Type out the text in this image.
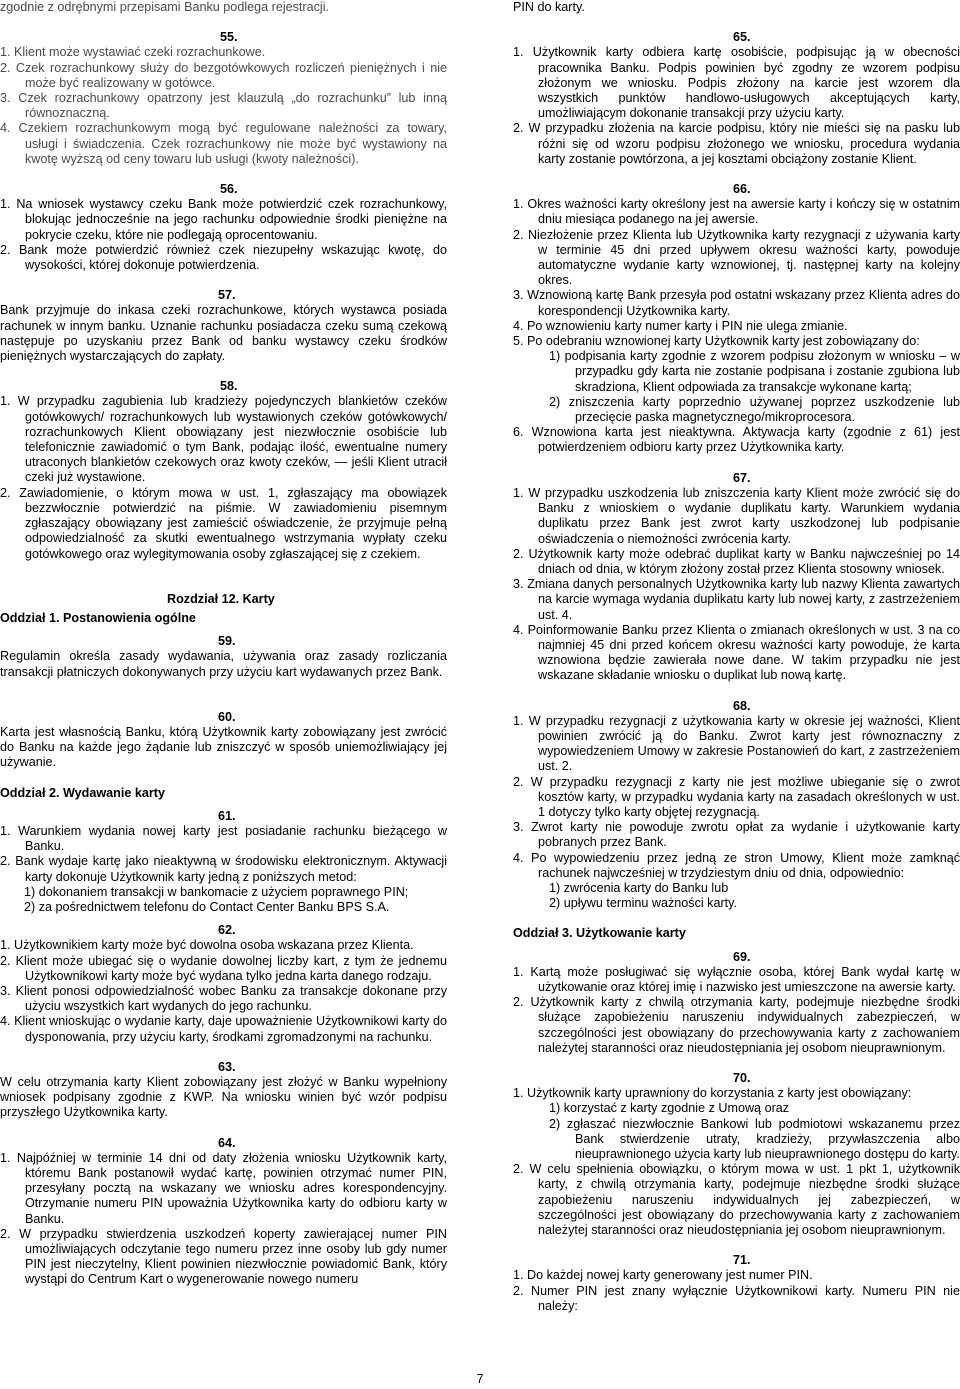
zgodnie z odrębnymi przepisami Banku podlega rejestracji.

55.

1. Klient może wystawiać czeki rozrachunkowe.

2. Czek rozrachunkowy służy do bezgotówkowych rozliczeń pieniężnych i nie może być realizowany w gotówce.

3. Czek rozrachunkowy opatrzony jest klauzulą „do rozrachunku” lub inną równoznaczną.

4. Czekiem rozrachunkowym mogą być regulowane należności za towary, usługi i świadczenia. Czek rozrachunkowy nie może być wystawiony na kwotę wyższą od ceny towaru lub usługi (kwoty należności).

56.

1. Na wniosek wystawcy czeku Bank może potwierdzić czek rozrachunkowy, blokując jednocześnie na jego rachunku odpowiednie środki pieniężne na pokrycie czeku, które nie podlegają oprocentowaniu.

2. Bank może potwierdzić również czek niezupełny wskazując kwotę, do wysokości, której dokonuje potwierdzenia.

57.

Bank przyjmuje do inkasa czeki rozrachunkowe, których wystawca posiada rachunek w innym banku. Uznanie rachunku posiadacza czeku sumą czekową następuje po uzyskaniu przez Bank od banku wystawcy czeku środków pieniężnych wystarczających do zapłaty.

58.

1. W przypadku zagubienia lub kradzieży pojedynczych blankietów czeków gotówkowych/ rozrachunkowych lub wystawionych czeków gotówkowych/ rozrachunkowych Klient obowiązany jest niezwłocznie osobiście lub telefonicznie zawiadomić o tym Bank, podając ilość, ewentualne numery utraconych blankietów czekowych oraz kwoty czeków, — jeśli Klient utracił czeki już wystawione.

2. Zawiadomienie, o którym mowa w ust. 1, zgłaszający ma obowiązek bezzwłocznie potwierdzić na piśmie. W zawiadomieniu pisemnym zgłaszający obowiązany jest zamieścić oświadczenie, że przyjmuje pełną odpowiedzialność za skutki ewentualnego wstrzymania wypłaty czeku gotówkowego oraz wylegitymowania osoby zgłaszającej się z czekiem.

Rozdział 12. Karty

Oddział 1. Postanowienia ogólne

59.

Regulamin określa zasady wydawania, używania oraz zasady rozliczania transakcji płatniczych dokonywanych przy użyciu kart wydawanych przez Bank.

60.

Karta jest własnością Banku, którą Użytkownik karty zobowiązany jest zwrócić do Banku na każde jego żądanie lub zniszczyć w sposób uniemożliwiający jej używanie.

Oddział 2. Wydawanie karty

61.

1. Warunkiem wydania nowej karty jest posiadanie rachunku bieżącego w Banku.

2. Bank wydaje kartę jako nieaktywną w środowisku elektronicznym. Aktywacji karty dokonuje Użytkownik karty jedną z poniższych metod:

1) dokonaniem transakcji w bankomacie z użyciem poprawnego PIN;

2) za pośrednictwem telefonu do Contact Center Banku BPS S.A.

62.

1. Użytkownikiem karty może być dowolna osoba wskazana przez Klienta.

2. Klient może ubiegać się o wydanie dowolnej liczby kart, z tym że jednemu Użytkownikowi karty może być wydana tylko jedna karta danego rodzaju.

3. Klient ponosi odpowiedzialność wobec Banku za transakcje dokonane przy użyciu wszystkich kart wydanych do jego rachunku.

4. Klient wnioskując o wydanie karty, daje upoważnienie Użytkownikowi karty do dysponowania, przy użyciu karty, środkami zgromadzonymi na rachunku.

63.

W celu otrzymania karty Klient zobowiązany jest złożyć w Banku wypełniony wniosek podpisany zgodnie z KWP. Na wniosku winien być wzór podpisu przyszłego Użytkownika karty.

64.

1. Najpóźniej w terminie 14 dni od daty złożenia wniosku Użytkownik karty, któremu Bank postanowił wydać kartę, powinien otrzymać numer PIN, przesyłany pocztą na wskazany we wniosku adres korespondencyjny. Otrzymanie numeru PIN upoważnia Użytkownika karty do odbioru karty w Banku.

2. W przypadku stwierdzenia uszkodzeń koperty zawierającej numer PIN umożliwiających odczytanie tego numeru przez inne osoby lub gdy numer PIN jest nieczytelny, Klient powinien niezwłocznie powiadomić Bank, który wystąpi do Centrum Kart o wygenerowanie nowego numeru

PIN do karty.

65.

1. Użytkownik karty odbiera kartę osobiście, podpisując ją w obecności pracownika Banku. Podpis powinien być zgodny ze wzorem podpisu złożonym we wniosku. Podpis złożony na karcie jest wzorem dla wszystkich punktów handlowo-usługowych akceptujących karty, umożliwiającym dokonanie transakcji przy użyciu karty.

2. W przypadku złożenia na karcie podpisu, który nie mieści się na pasku lub różni się od wzoru podpisu złożonego we wniosku, procedura wydania karty zostanie powtórzona, a jej kosztami obciążony zostanie Klient.

66.

1. Okres ważności karty określony jest na awersie karty i kończy się w ostatnim dniu miesiąca podanego na jej awersie.

2. Niezłożenie przez Klienta lub Użytkownika karty rezygnacji z używania karty w terminie 45 dni przed upływem okresu ważności karty, powoduje automatyczne wydanie karty wznowionej, tj. następnej karty na kolejny okres.

3. Wznowioną kartę Bank przesyła pod ostatni wskazany przez Klienta adres do korespondencji Użytkownika karty.

4. Po wznowieniu karty numer karty i PIN nie ulega zmianie.

5. Po odebraniu wznowionej karty Użytkownik karty jest zobowiązany do:

1) podpisania karty zgodnie z wzorem podpisu złożonym w wniosku – w przypadku gdy karta nie zostanie podpisana i zostanie zgubiona lub skradziona, Klient odpowiada za transakcje wykonane kartą;

2) zniszczenia karty poprzednio używanej poprzez uszkodzenie lub przecięcie paska magnetycznego/mikroprocesora.

6. Wznowiona karta jest nieaktywna. Aktywacja karty (zgodnie z 61) jest potwierdzeniem odbioru karty przez Użytkownika karty.

67.

1. W przypadku uszkodzenia lub zniszczenia karty Klient może zwrócić się do Banku z wnioskiem o wydanie duplikatu karty. Warunkiem wydania duplikatu przez Bank jest zwrot karty uszkodzonej lub podpisanie oświadczenia o niemożności zwrócenia karty.

2. Użytkownik karty może odebrać duplikat karty w Banku najwcześniej po 14 dniach od dnia, w którym złożony został przez Klienta stosowny wniosek.

3. Zmiana danych personalnych Użytkownika karty lub nazwy Klienta zawartych na karcie wymaga wydania duplikatu karty lub nowej karty, z zastrzeżeniem ust. 4.

4. Poinformowanie Banku przez Klienta o zmianach określonych w ust. 3 na co najmniej 45 dni przed końcem okresu ważności karty powoduje, że karta wznowiona będzie zawierała nowe dane. W takim przypadku nie jest wskazane składanie wniosku o duplikat lub nową kartę.

68.

1. W przypadku rezygnacji z użytkowania karty w okresie jej ważności, Klient powinien zwrócić ją do Banku. Zwrot karty jest równoznaczny z wypowiedzeniem Umowy w zakresie Postanowień do kart, z zastrzeżeniem ust. 2.

2. W przypadku rezygnacji z karty nie jest możliwe ubieganie się o zwrot kosztów karty, w przypadku wydania karty na zasadach określonych w ust. 1 dotyczy tylko karty objętej rezygnacją.

3. Zwrot karty nie powoduje zwrotu opłat za wydanie i użytkowanie karty pobranych przez Bank.

4. Po wypowiedzeniu przez jedną ze stron Umowy, Klient może zamknąć rachunek najwcześniej w trzydziestym dniu od dnia, odpowiednio:

1) zwrócenia karty do Banku lub

2) upływu terminu ważności karty.

Oddział 3. Użytkowanie karty

69.

1. Kartą może posługiwać się wyłącznie osoba, której Bank wydał kartę w użytkowanie oraz której imię i nazwisko jest umieszczone na awersie karty.

2. Użytkownik karty z chwilą otrzymania karty, podejmuje niezbędne środki służące zapobieżeniu naruszeniu indywidualnych zabezpieczeń, w szczególności jest obowiązany do przechowywania karty z zachowaniem należytej staranności oraz nieudostępniania jej osobom nieuprawnionym.

70.

1. Użytkownik karty uprawniony do korzystania z karty jest obowiązany:

1) korzystać z karty zgodnie z Umową oraz

2) zgłaszać niezwłocznie Bankowi lub podmiotowi wskazanemu przez Bank stwierdzenie utraty, kradzieży, przywłaszczenia albo nieuprawnionego użycia karty lub nieuprawnionego dostępu do karty.

2. W celu spełnienia obowiązku, o którym mowa w ust. 1 pkt 1, użytkownik karty, z chwilą otrzymania karty, podejmuje niezbędne środki służące zapobieżeniu naruszeniu indywidualnych jej zabezpieczeń, w szczególności jest obowiązany do przechowywania karty z zachowaniem należytej staranności oraz nieudostępniania jej osobom nieuprawnionym.

71.

1. Do każdej nowej karty generowany jest numer PIN.

2. Numer PIN jest znany wyłącznie Użytkownikowi karty. Numeru PIN nie należy:

7
